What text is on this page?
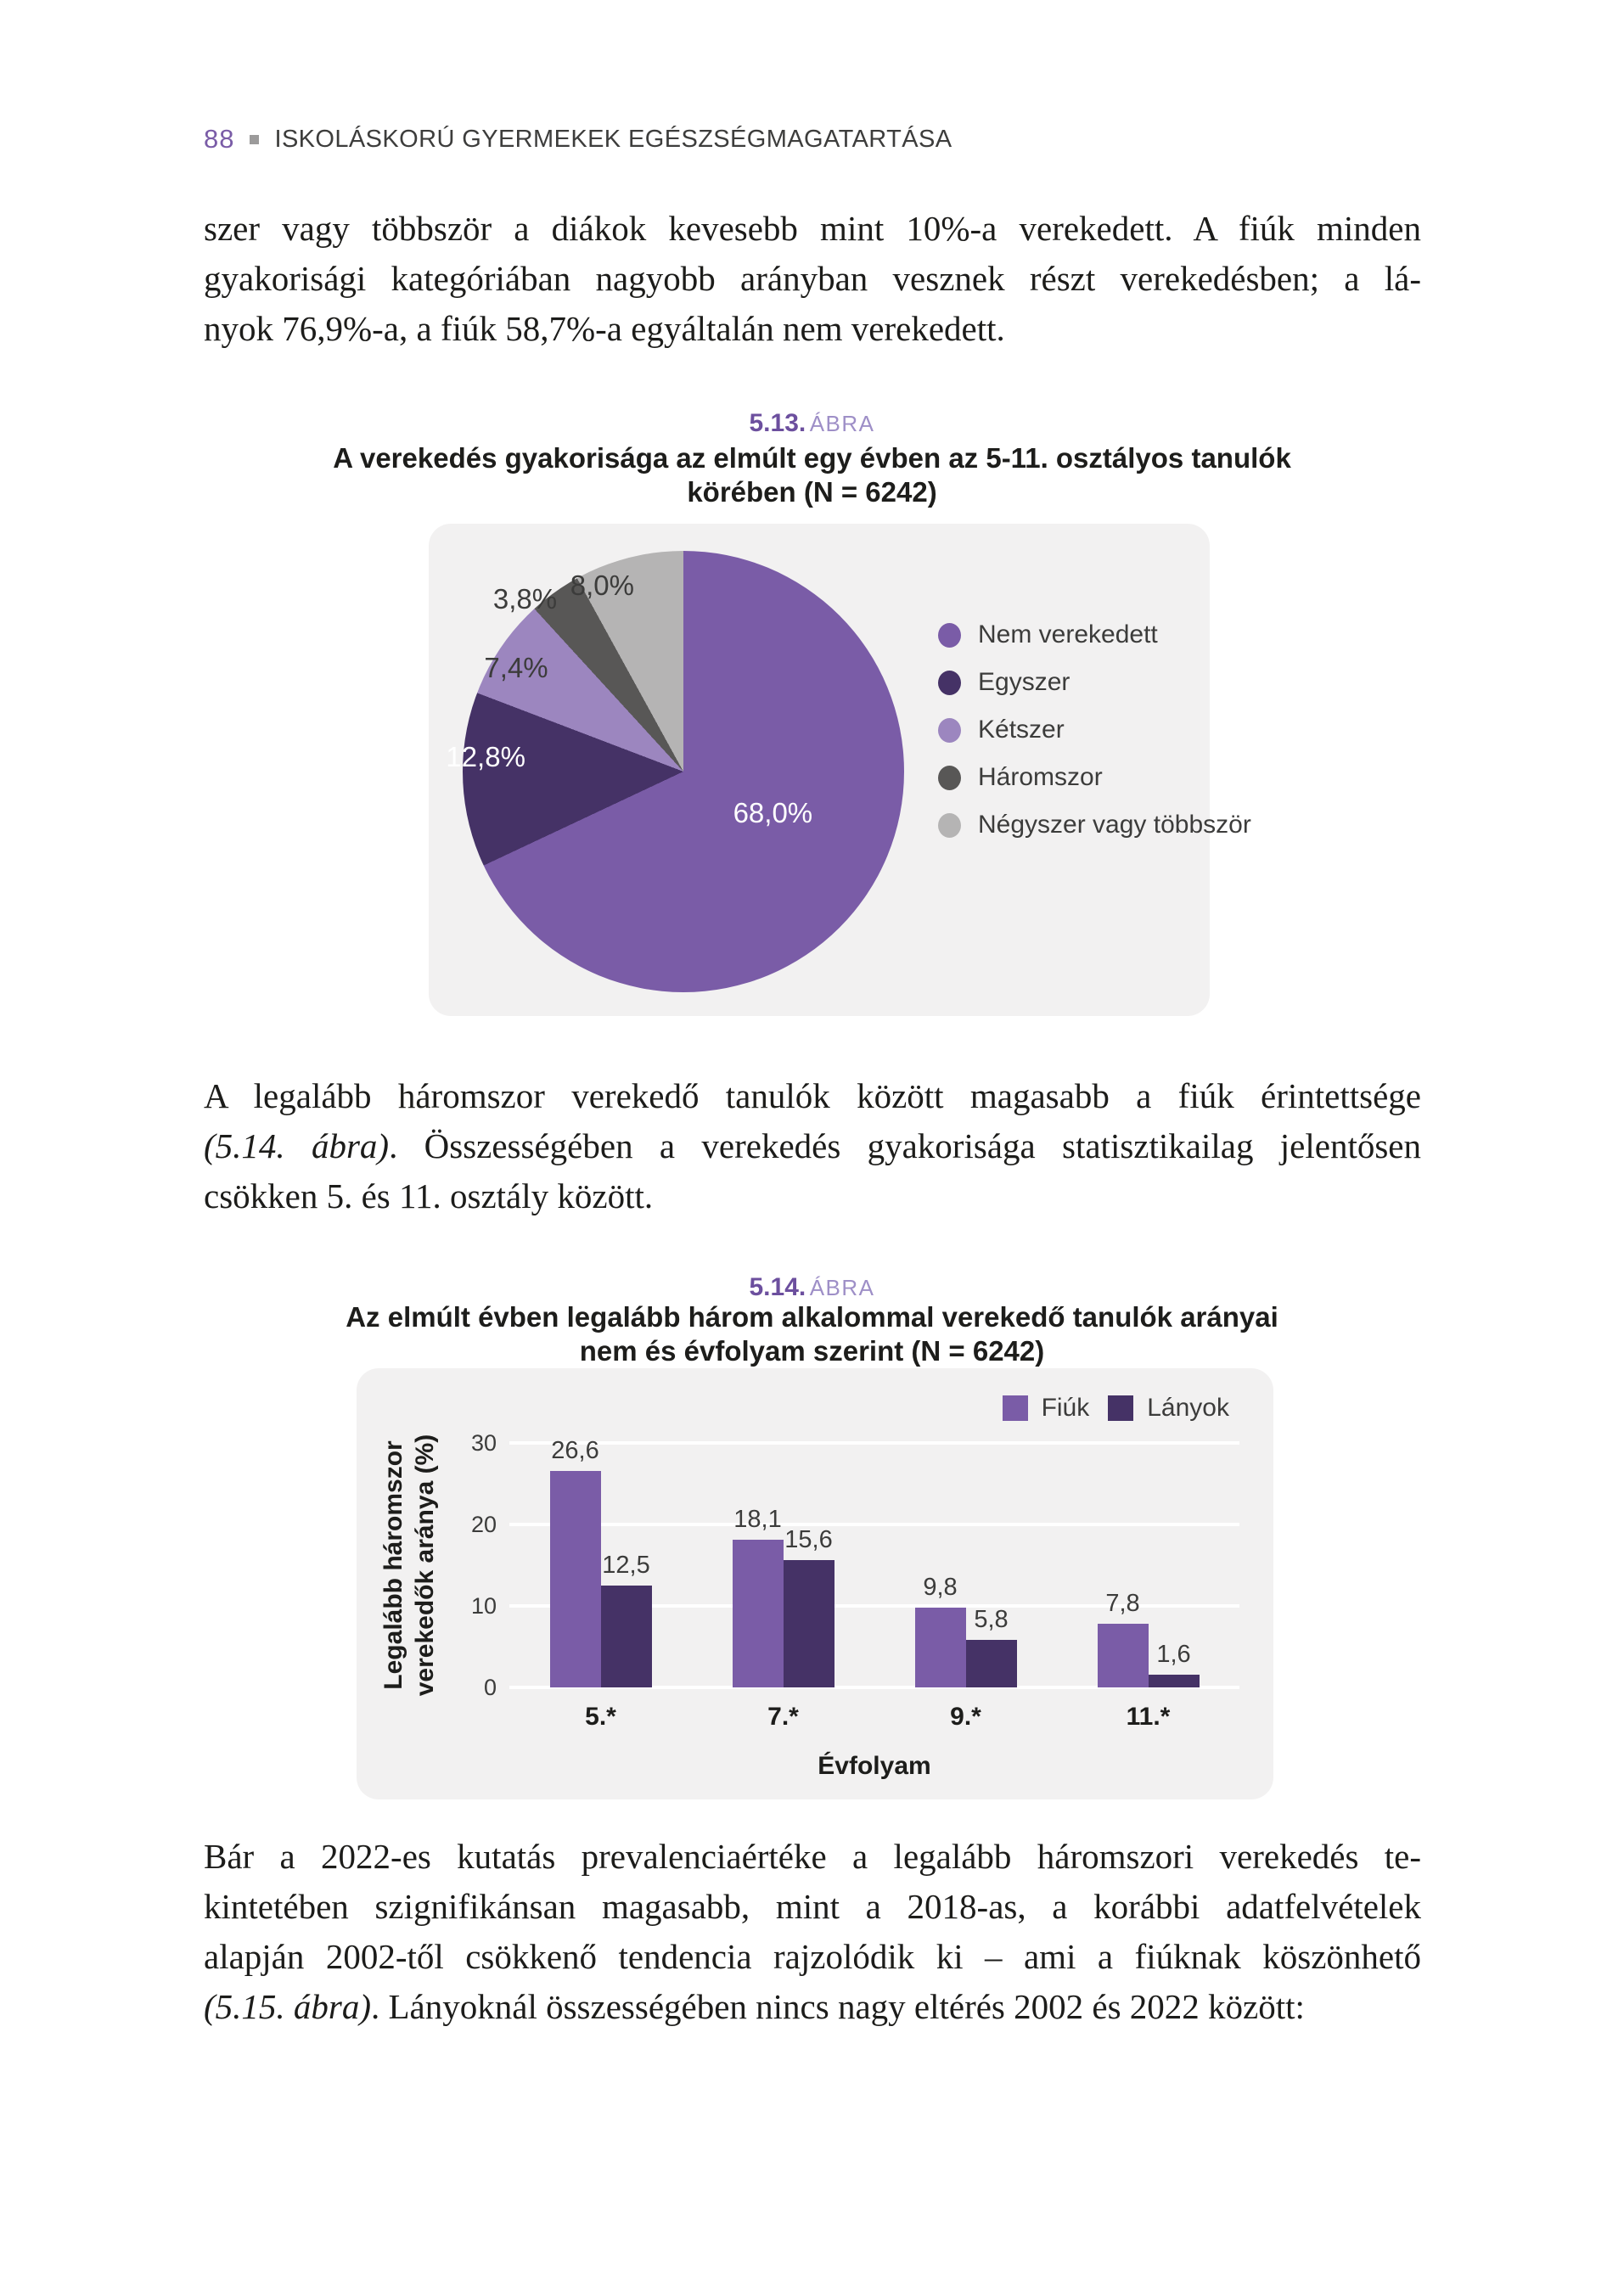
88 ISKOLÁSKORÚ GYERMEKEK EGÉSZSÉGMAGATARTÁSA
szer vagy többször a diákok kevesebb mint 10%-a verekedett. A fiúk minden
gyakorisági kategóriában nagyobb arányban vesznek részt verekedésben; a lá-
nyok 76,9%-a, a fiúk 58,7%-a egyáltalán nem verekedett.
5.13. ÁBRA
A verekedés gyakorisága az elmúlt egy évben az 5-11. osztályos tanulók
körében (N = 6242)
68,0%
Nem verekedett
12,8%
Egyszer
7,4%
Kétszer
3,8%
Háromszor
8,0%
Négyszer vagy többször
A legalább háromszor verekedő tanulók között magasabb a fiúk érintettsége
(5.14. ábra). Összességében a verekedés gyakorisága statisztikailag jelentősen
csökken 5. és 11. osztály között.
5.14. ÁBRA
Az elmúlt évben legalább három alkalommal verekedő tanulók arányai
nem és évfolyam szerint (N = 6242)
Fiúk Lányok
Legalább háromszor verekedők aránya (%)	26,6
12,5
18,1
15,6
9,8
5,8
7,8
1,6
Évfolyam
0
10
20
30
5.*	7.*	9.*	11.*
Bár a 2022-es kutatás prevalenciaértéke a legalább háromszori verekedés te-
kintetében szignifikánsan magasabb, mint a 2018-as, a korábbi adatfelvételek
alapján 2002-től csökkenő tendencia rajzolódik ki – ami a fiúknak köszönhető
(5.15. ábra). Lányoknál összességében nincs nagy eltérés 2002 és 2022 között:
